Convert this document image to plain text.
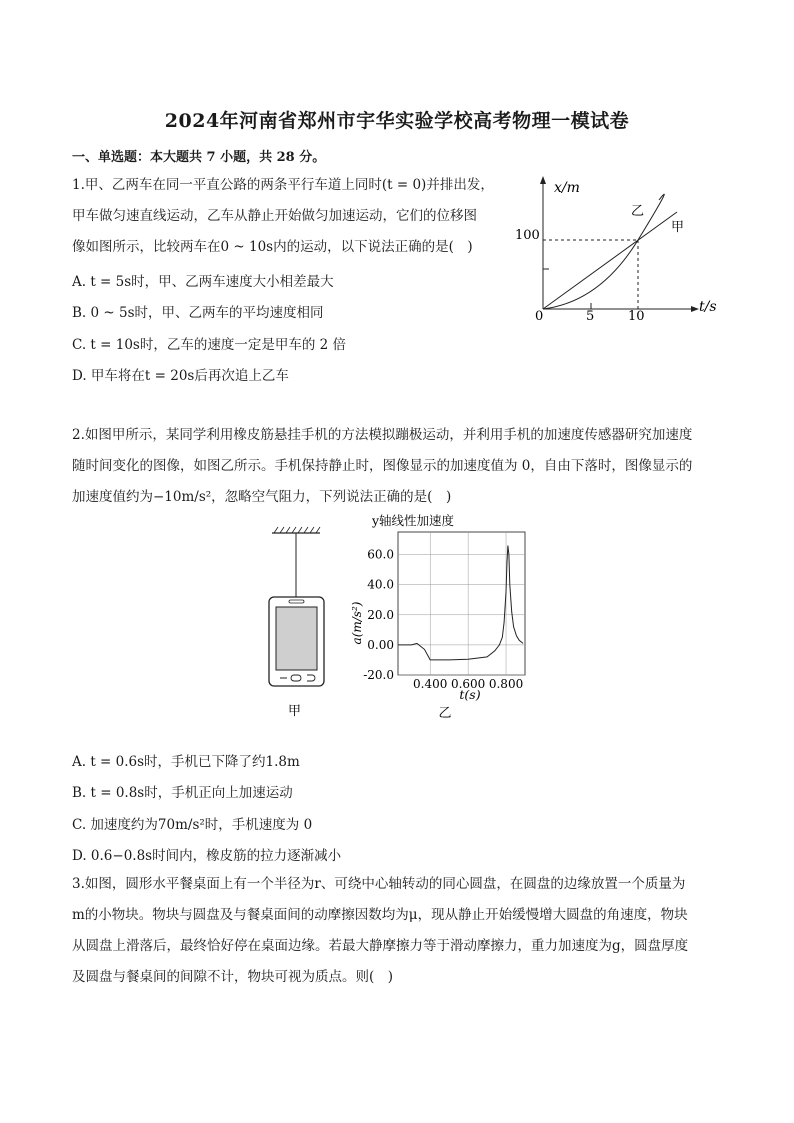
2024年河南省郑州市宇华实验学校高考物理一模试卷
一、单选题：本大题共 7 小题，共 28 分。
1.甲、乙两车在同一平直公路的两条平行车道上同时(t = 0)并排出发，
甲车做匀速直线运动，乙车从静止开始做匀加速运动，它们的位移图
像如图所示，比较两车在0 ~ 10s内的运动，以下说法正确的是(　)
A. t = 5s时，甲、乙两车速度大小相差最大
B. 0 ~ 5s时，甲、乙两车的平均速度相同
C. t = 10s时，乙车的速度一定是甲车的 2 倍
D. 甲车将在t = 20s后再次追上乙车
x/m
t/s
0	5	10
100
乙
甲
2.如图甲所示，某同学利用橡皮筋悬挂手机的方法模拟蹦极运动，并利用手机的加速度传感器研究加速度
随时间变化的图像，如图乙所示。手机保持静止时，图像显示的加速度值为 0，自由下落时，图像显示的
加速度值约为−10m/s²，忽略空气阻力，下列说法正确的是(　)
甲
y轴线性加速度
a(m/s²)
t(s)
乙
60.0
40.0
20.0
0.00
-20.0
0.400 0.600 0.800
A. t = 0.6s时，手机已下降了约1.8m
B. t = 0.8s时，手机正向上加速运动
C. 加速度约为70m/s²时，手机速度为 0
D. 0.6−0.8s时间内，橡皮筋的拉力逐渐减小
3.如图，圆形水平餐桌面上有一个半径为r、可绕中心轴转动的同心圆盘，在圆盘的边缘放置一个质量为
m的小物块。物块与圆盘及与餐桌面间的动摩擦因数均为μ，现从静止开始缓慢增大圆盘的角速度，物块
从圆盘上滑落后，最终恰好停在桌面边缘。若最大静摩擦力等于滑动摩擦力，重力加速度为g，圆盘厚度
及圆盘与餐桌间的间隙不计，物块可视为质点。则(　)
